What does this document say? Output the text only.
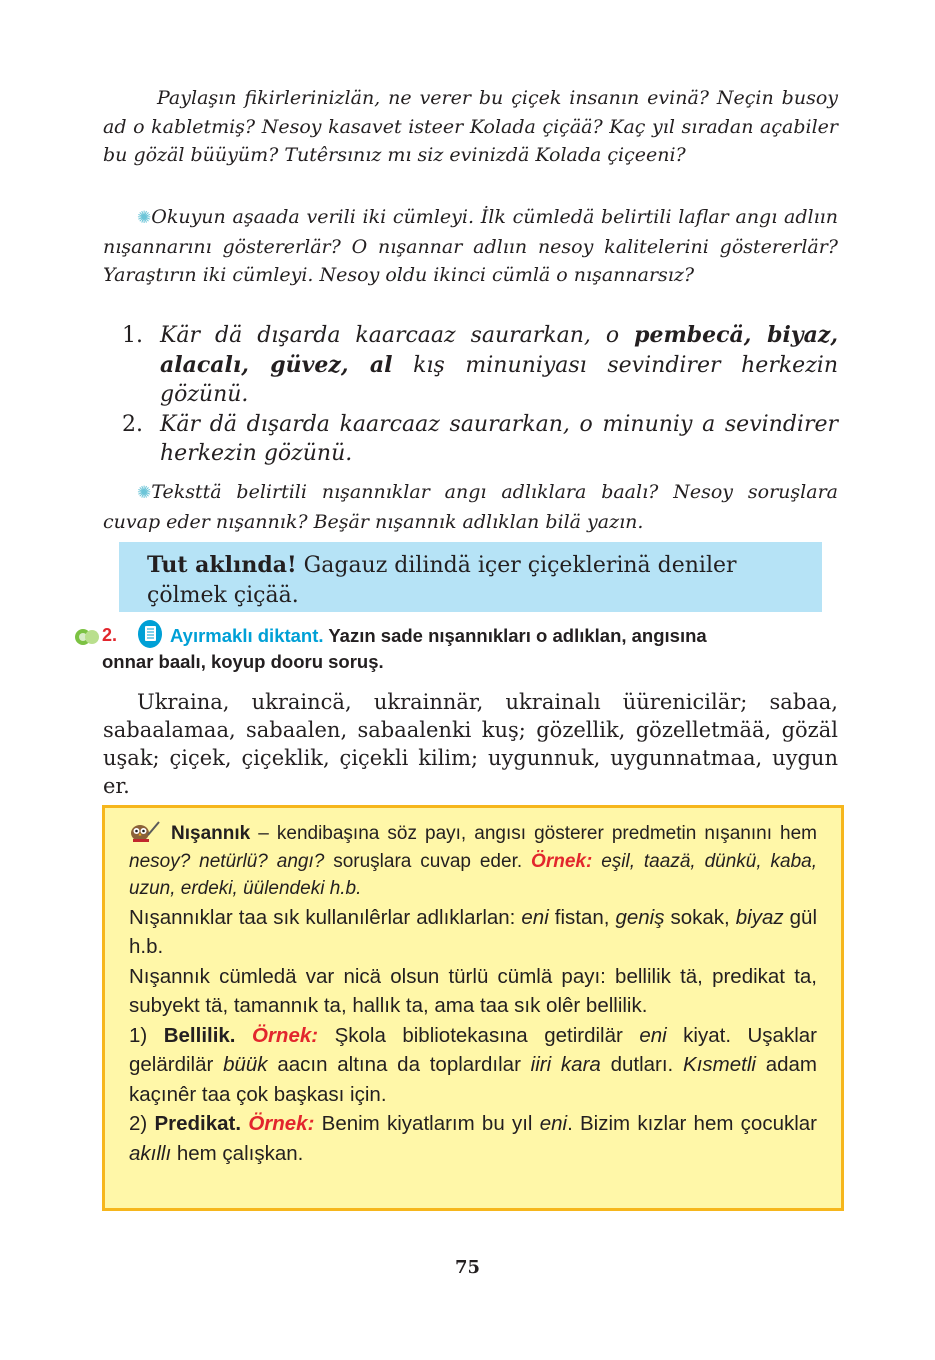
Paylaşın fikirlerinizlän, ne verer bu çiçek insanın evinä? Neçin busoy ad o kabletmiş? Nesoy kasavet isteer Kolada çiçää? Kaç yıl sıradan açabiler bu gözäl büüyüm? Tutêrsınız mı siz evinizdä Kolada çiçeeni?

✺Okuyun aşaada verili iki cümleyi. İlk cümledä belirtili laflar angı adlıın nışannarını göstererlär? O nışannar adlıın nesoy kalitelerini göstererlär? Yaraştırın iki cümleyi. Nesoy oldu ikinci cümlä o nışannarsız?

1. Kär dä dışarda kaarcaaz saurarkan, o pembecä, biyaz, alacalı, güvez, al kış minuniyası sevindirer herkezin gözünü.
2. Kär dä dışarda kaarcaaz saurarkan, o minuniy a sevindirer herkezin gözünü.

✺Teksttä belirtili nışannıklar angı adlıklara baalı? Nesoy soruşlara cuvap eder nışannık? Beşär nışannık adlıklan bilä yazın.

Tut aklında! Gagauz dilindä içer çiçeklerinä deniler çölmek çiçää.
2.	Ayırmaklı diktant. Yazın sade nışannıkları o adlıklan, angısına
onnar baalı, koyup dooru soruş.

Ukraina, ukraincä, ukrainnär, ukrainalı üürenicilär; sabaa, sabaalamaa, sabaalen, sabaalenki kuş; gözellik, gözelletmää, gözäl uşak; çiçek, çiçeklik, çiçekli kilim; uygunnuk, uygunnatmaa, uygun er.

Nışannık – kendibaşına söz payı, angısı gösterer predmetin nışanını hem nesoy? netürlü? angı? soruşlara cuvap eder. Örnek: eşil, taazä, dünkü, kaba, uzun, erdeki, üülendeki h.b.

Nışannıklar taa sık kullanılêrlar adlıklarlan: eni fistan, geniş sokak, biyaz gül h.b.

Nışannık cümledä var nicä olsun türlü cümlä payı: bellilik tä, predikat ta, subyekt tä, tamannık ta, hallık ta, ama taa sık olêr bellilik.

1) Bellilik. Örnek: Şkola bibliotekasına getirdilär eni kiyat. Uşaklar gelärdilär büük aacın altına da toplardılar iiri kara dutları. Kısmetli adam kaçınêr taa çok başkası için.

2) Predikat. Örnek: Benim kiyatlarım bu yıl eni. Bizim kızlar hem çocuklar akıllı hem çalışkan.

75
